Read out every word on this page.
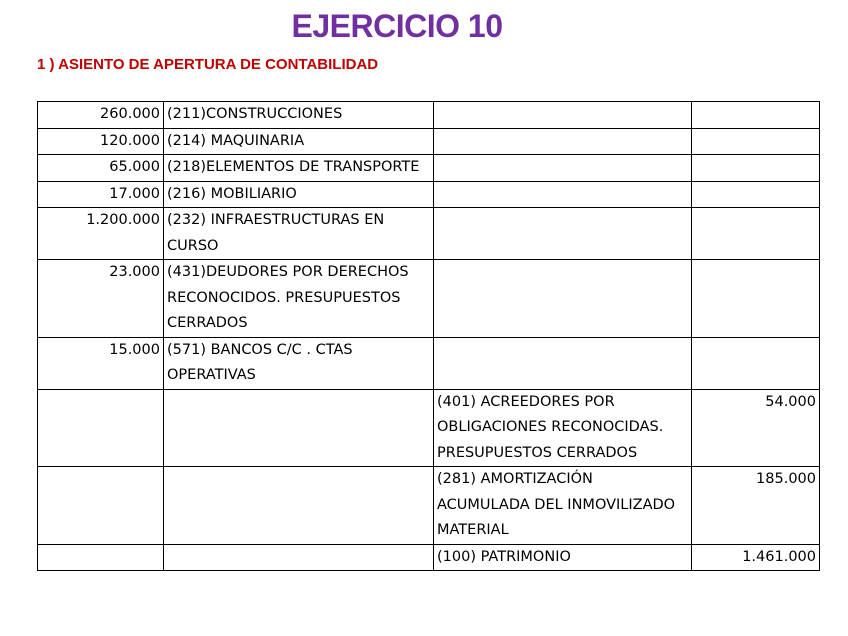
EJERCICIO 10
1 ) ASIENTO DE APERTURA DE CONTABILIDAD
260.000	(211)CONSTRUCCIONES		
120.000	(214) MAQUINARIA		
65.000	(218)ELEMENTOS DE TRANSPORTE		
17.000	(216) MOBILIARIO		
1.200.000	(232) INFRAESTRUCTURAS EN CURSO		
23.000	(431)DEUDORES POR DERECHOS RECONOCIDOS. PRESUPUESTOS CERRADOS		
15.000	(571) BANCOS C/C . CTAS OPERATIVAS		
		(401) ACREEDORES POR OBLIGACIONES RECONOCIDAS. PRESUPUESTOS CERRADOS	54.000
		(281) AMORTIZACIÓN ACUMULADA DEL INMOVILIZADO MATERIAL	185.000
		(100) PATRIMONIO	1.461.000
